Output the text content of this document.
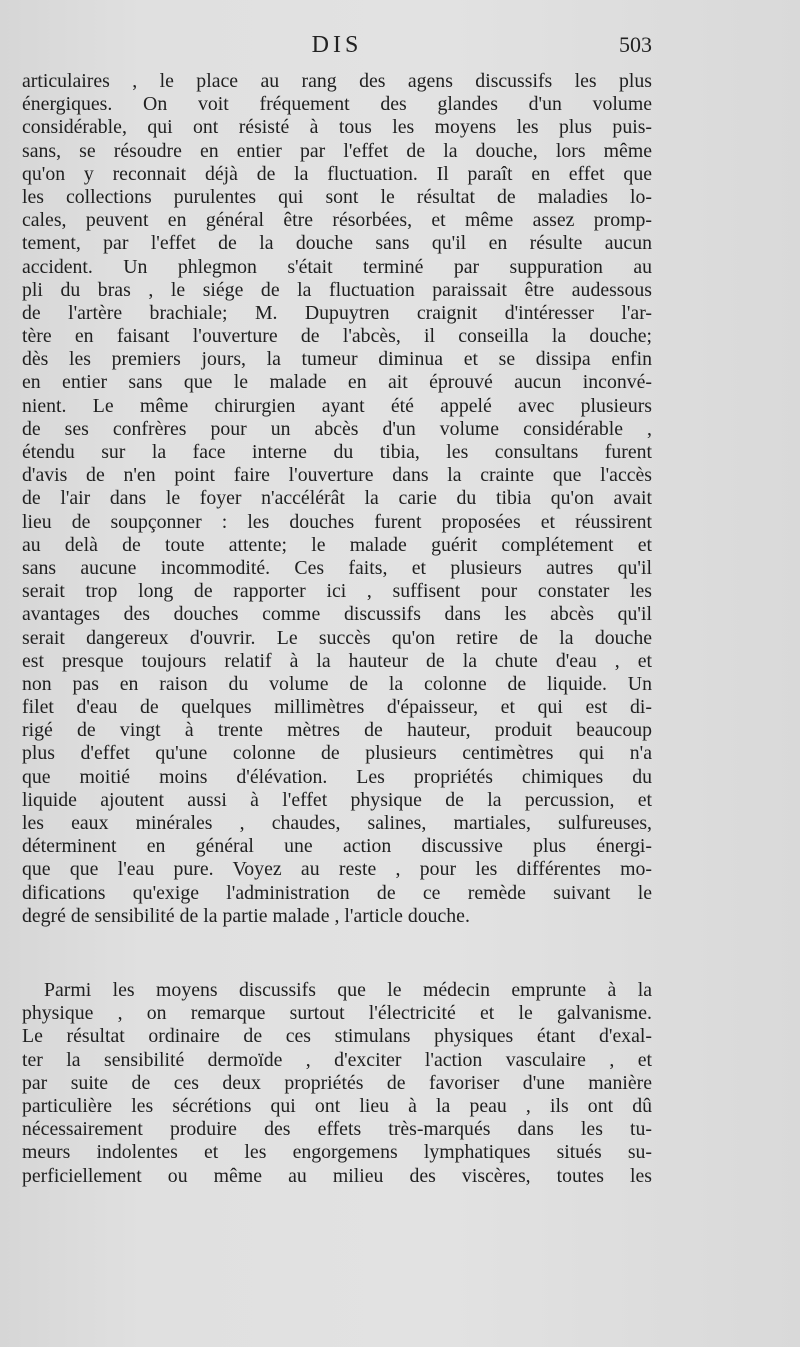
DIS	503
articulaires , le place au rang des agens discussifs les plus
énergiques. On voit fréquement des glandes d'un volume
considérable, qui ont résisté à tous les moyens les plus puis-
sans, se résoudre en entier par l'effet de la douche, lors même
qu'on y reconnait déjà de la fluctuation. Il paraît en effet que
les collections purulentes qui sont le résultat de maladies lo-
cales, peuvent en général être résorbées, et même assez promp-
tement, par l'effet de la douche sans qu'il en résulte aucun
accident. Un phlegmon s'était terminé par suppuration au
pli du bras , le siége de la fluctuation paraissait être audessous
de l'artère brachiale; M. Dupuytren craignit d'intéresser l'ar-
tère en faisant l'ouverture de l'abcès, il conseilla la douche;
dès les premiers jours, la tumeur diminua et se dissipa enfin
en entier sans que le malade en ait éprouvé aucun inconvé-
nient. Le même chirurgien ayant été appelé avec plusieurs
de ses confrères pour un abcès d'un volume considérable ,
étendu sur la face interne du tibia, les consultans furent
d'avis de n'en point faire l'ouverture dans la crainte que l'accès
de l'air dans le foyer n'accélérât la carie du tibia qu'on avait
lieu de soupçonner : les douches furent proposées et réussirent
au delà de toute attente; le malade guérit complétement et
sans aucune incommodité. Ces faits, et plusieurs autres qu'il
serait trop long de rapporter ici , suffisent pour constater les
avantages des douches comme discussifs dans les abcès qu'il
serait dangereux d'ouvrir. Le succès qu'on retire de la douche
est presque toujours relatif à la hauteur de la chute d'eau , et
non pas en raison du volume de la colonne de liquide. Un
filet d'eau de quelques millimètres d'épaisseur, et qui est di-
rigé de vingt à trente mètres de hauteur, produit beaucoup
plus d'effet qu'une colonne de plusieurs centimètres qui n'a
que moitié moins d'élévation. Les propriétés chimiques du
liquide ajoutent aussi à l'effet physique de la percussion, et
les eaux minérales , chaudes, salines, martiales, sulfureuses,
déterminent en général une action discussive plus énergi-
que que l'eau pure. Voyez au reste , pour les différentes mo-
difications qu'exige l'administration de ce remède suivant le
degré de sensibilité de la partie malade , l'article douche.
Parmi les moyens discussifs que le médecin emprunte à la
physique , on remarque surtout l'électricité et le galvanisme.
Le résultat ordinaire de ces stimulans physiques étant d'exal-
ter la sensibilité dermoïde , d'exciter l'action vasculaire , et
par suite de ces deux propriétés de favoriser d'une manière
particulière les sécrétions qui ont lieu à la peau , ils ont dû
nécessairement produire des effets très-marqués dans les tu-
meurs indolentes et les engorgemens lymphatiques situés su-
perficiellement ou même au milieu des viscères, toutes les
